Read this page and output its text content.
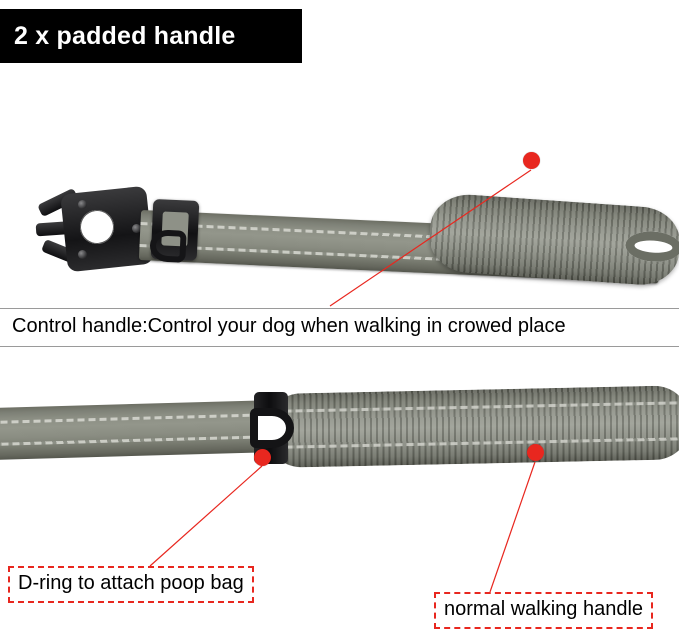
2 x padded handle
Control handle:Control your dog when walking in crowed place
D-ring to attach poop bag
normal walking handle
